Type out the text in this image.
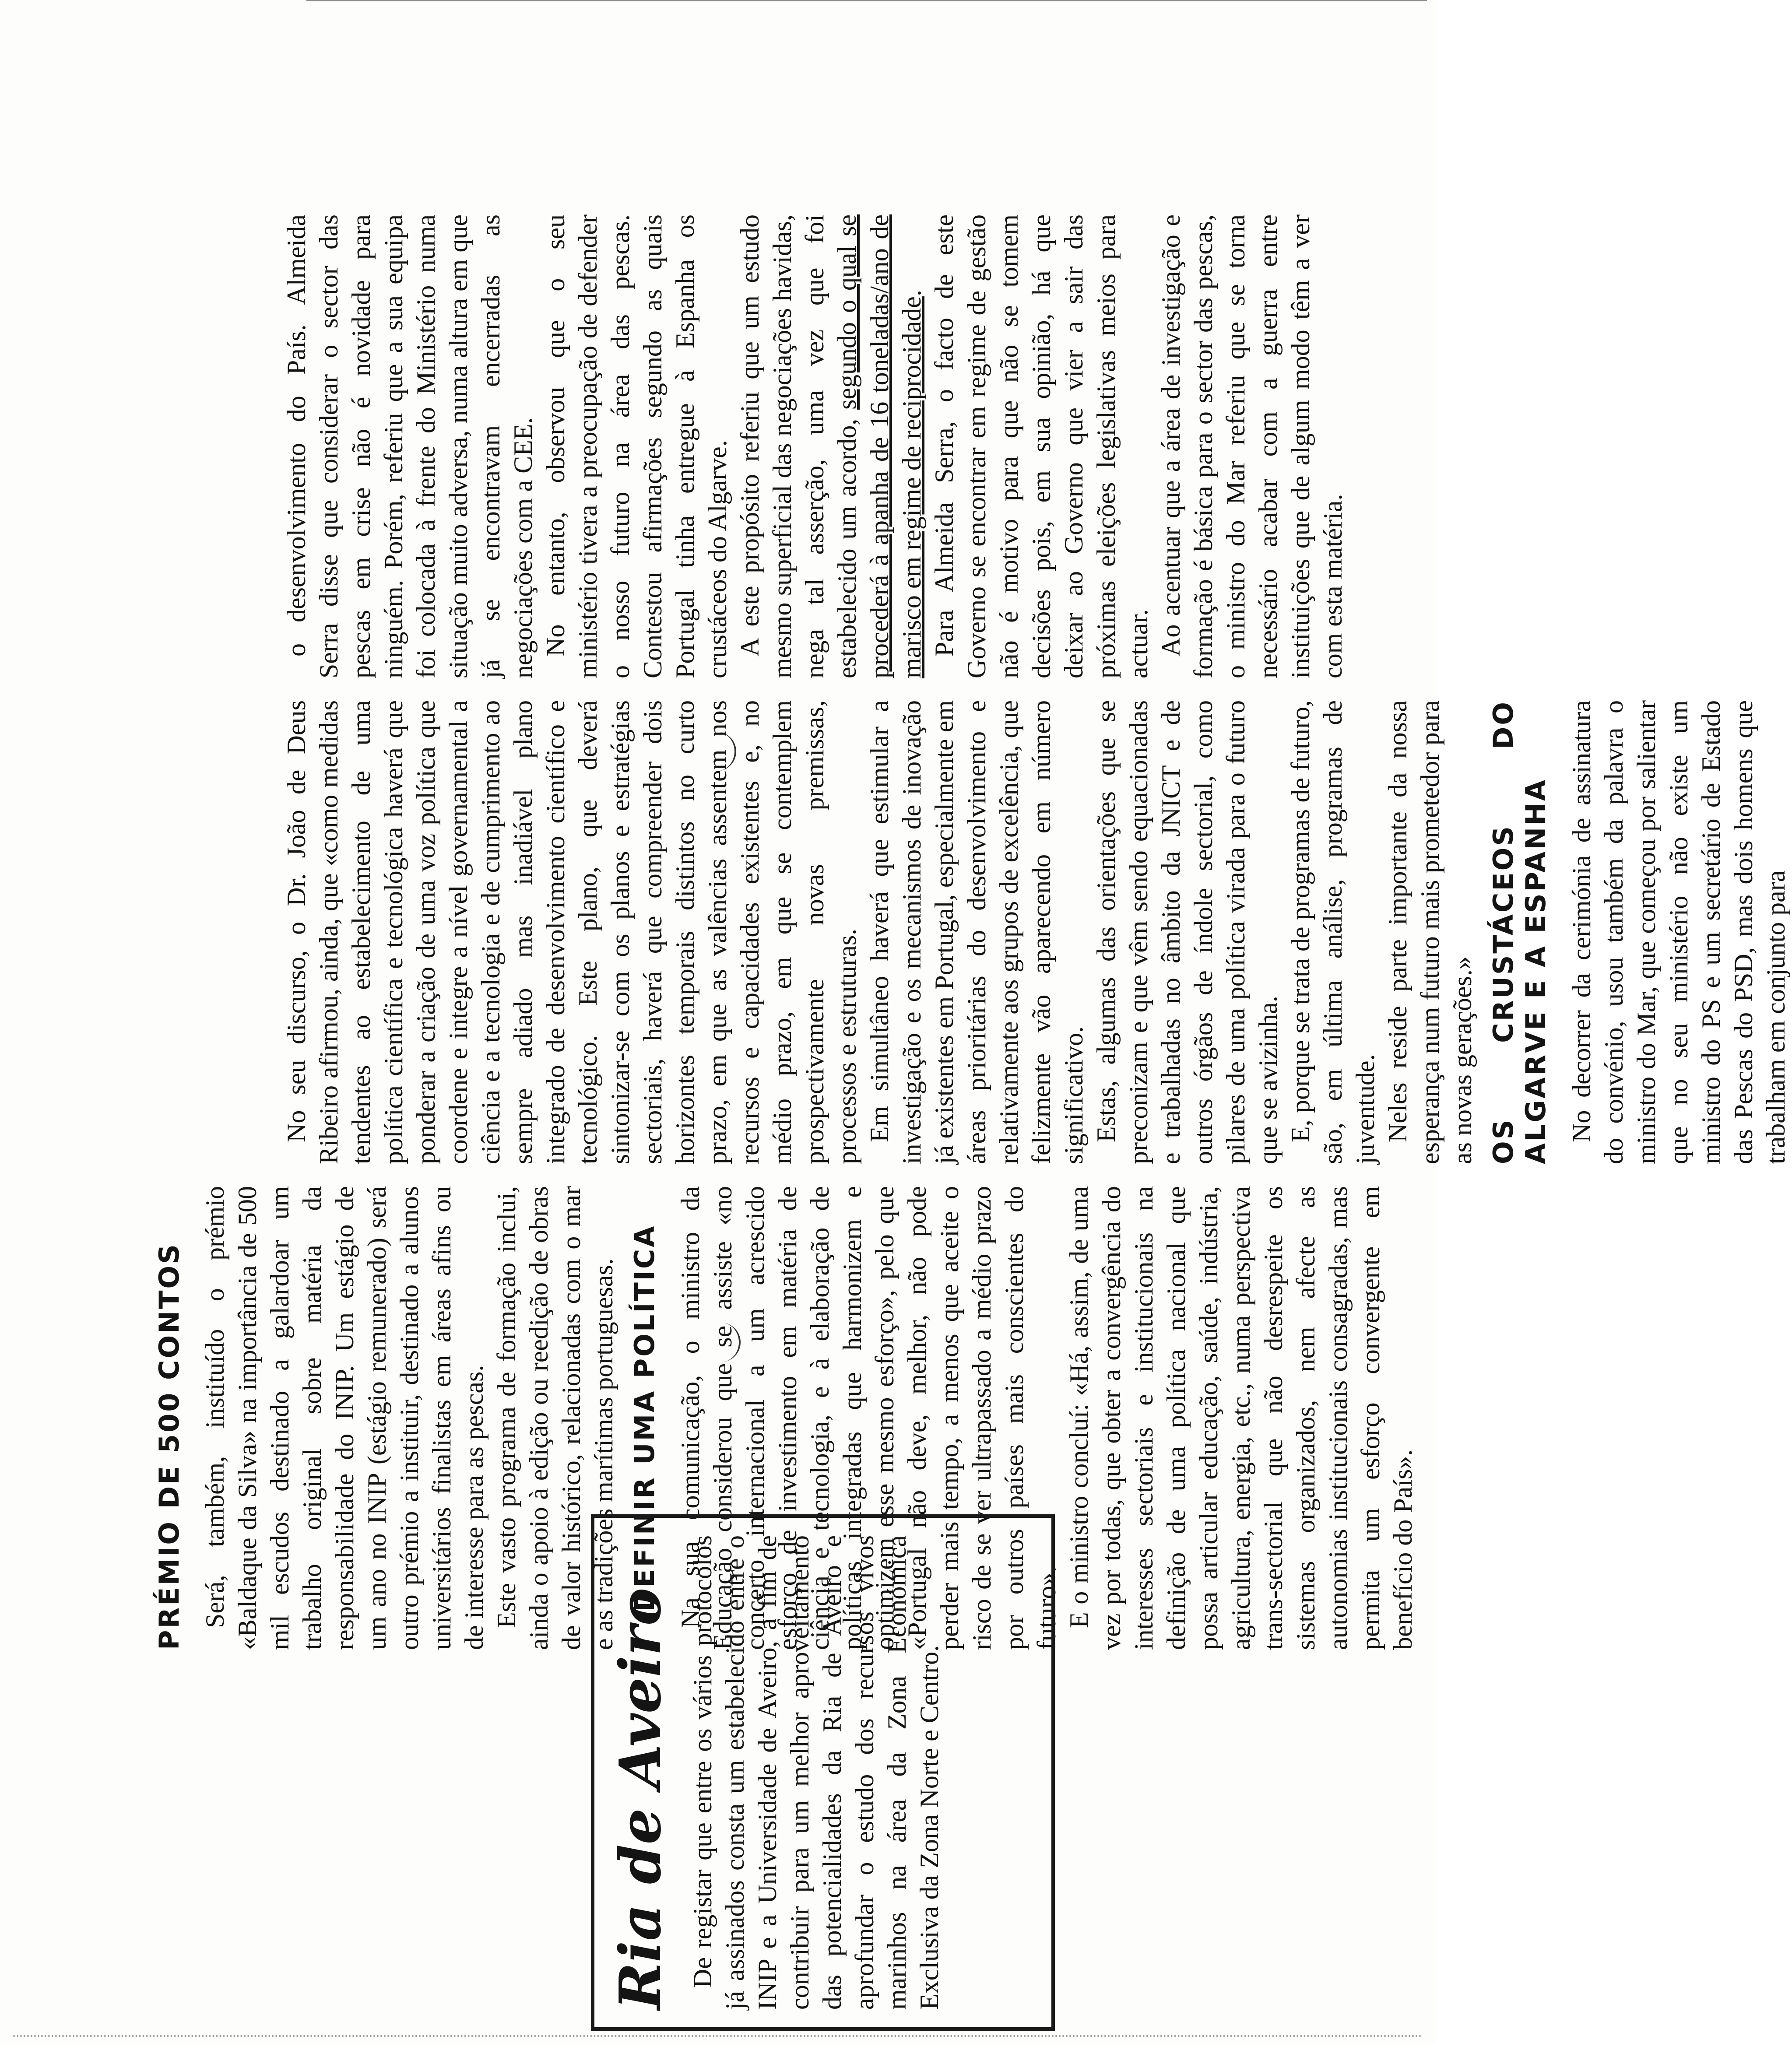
PRÉMIO DE 500 CONTOS Será, também, instituído o prémio «Baldaque da Silva» na importância de 500 mil escudos destinado a galardoar um trabalho original sobre matéria da responsabilidade do INIP. Um estágio de um ano no INIP (estágio remunerado) será outro prémio a instituir, destinado a alunos universitários finalistas em áreas afins ou de interesse para as pescas. Este vasto programa de formação inclui, ainda o apoio à edição ou reedição de obras de valor histórico, relacionadas com o mar e as tradições marítimas portuguesas. DEFINIR UMA POLÍTICA Na sua comunicação, o ministro da Educação considerou que se assiste «no concerto internacional a um acrescido esforço de investimento em matéria de ciência e tecnologia, e à elaboração de políticas integradas que harmonizem e optimizem esse mesmo esforço», pelo que «Portugal não deve, melhor, não pode perder mais tempo, a menos que aceite o risco de se ver ultrapassado a médio prazo por outros países mais conscientes do futuro». E o ministro concluí: «Há, assim, de uma vez por todas, que obter a convergência do interesses sectoriais e institucionais na definição de uma política nacional que possa articular educação, saúde, indústria, agricultura, energia, etc., numa perspectiva trans-sectorial que não desrespeite os sistemas organizados, nem afecte as autonomias institucionais consagradas, mas permita um esforço convergente em benefício do País».

No seu discurso, o Dr. João de Deus Ribeiro afirmou, ainda, que «como medidas tendentes ao estabelecimento de uma política científica e tecnológica haverá que ponderar a criação de uma voz política que coordene e integre a nível governamental a ciência e a tecnologia e de cumprimento ao sempre adiado mas inadiável plano integrado de desenvolvimento científico e tecnológico. Este plano, que deverá sintonizar-se com os planos e estratégias sectoriais, haverá que compreender dois horizontes temporais distintos no curto prazo, em que as valências assentem nos recursos e capacidades existentes e, no médio prazo, em que se contemplem prospectivamente novas premissas, processos e estruturas. Em simultâneo haverá que estimular a investigação e os mecanismos de inovação já existentes em Portugal, especialmente em áreas prioritárias do desenvolvimento e relativamente aos grupos de excelência, que felizmente vão aparecendo em número significativo. Estas, algumas das orientações que se preconizam e que vêm sendo equacionadas e trabalhadas no âmbito da JNICT e de outros órgãos de índole sectorial, como pilares de uma política virada para o futuro que se avizinha. E, porque se trata de programas de futuro, são, em última análise, programas de juventude. Neles reside parte importante da nossa esperança num futuro mais prometedor para as novas gerações.» OS CRUSTÁCEOS DO ALGARVE E A ESPANHA No decorrer da cerimónia de assinatura do convénio, usou também da palavra o ministro do Mar, que começou por salientar que no seu ministério não existe um ministro do PS e um secretário de Estado das Pescas do PSD, mas dois homens que trabalham em conjunto para

o desenvolvimento do País. Almeida Serra disse que considerar o sector das pescas em crise não é novidade para ninguém. Porém, referiu que a sua equipa foi colocada à frente do Ministério numa situação muito adversa, numa altura em que já se encontravam encerradas as negociações com a CEE. No entanto, observou que o seu ministério tivera a preocupação de defender o nosso futuro na área das pescas. Contestou afirmações segundo as quais Portugal tinha entregue à Espanha os crustáceos do Algarve. A este propósito referiu que um estudo mesmo superficial das negociações havidas, nega tal asserção, uma vez que foi estabelecido um acordo, segundo o qual se procederá à apanha de 16 toneladas/ano de marisco em regime de reciprocidade. Para Almeida Serra, o facto de este Governo se encontrar em regime de gestão não é motivo para que não se tomem decisões pois, em sua opinião, há que deixar ao Governo que vier a sair das próximas eleições legislativas meios para actuar. Ao acentuar que a área de investigação e formação é básica para o sector das pescas, o ministro do Mar referiu que se torna necessário acabar com a guerra entre instituições que de algum modo têm a ver com esta matéria.

Ria de Aveiro De registar que entre os vários protocolos já assinados consta um estabelecido entre o INIP e a Universidade de Aveiro, a fim de contribuir para um melhor aproveitamento das potencialidades da Ria de Aveiro e aprofundar o estudo dos recursos vivos marinhos na área da Zona Económica Exclusiva da Zona Norte e Centro.
